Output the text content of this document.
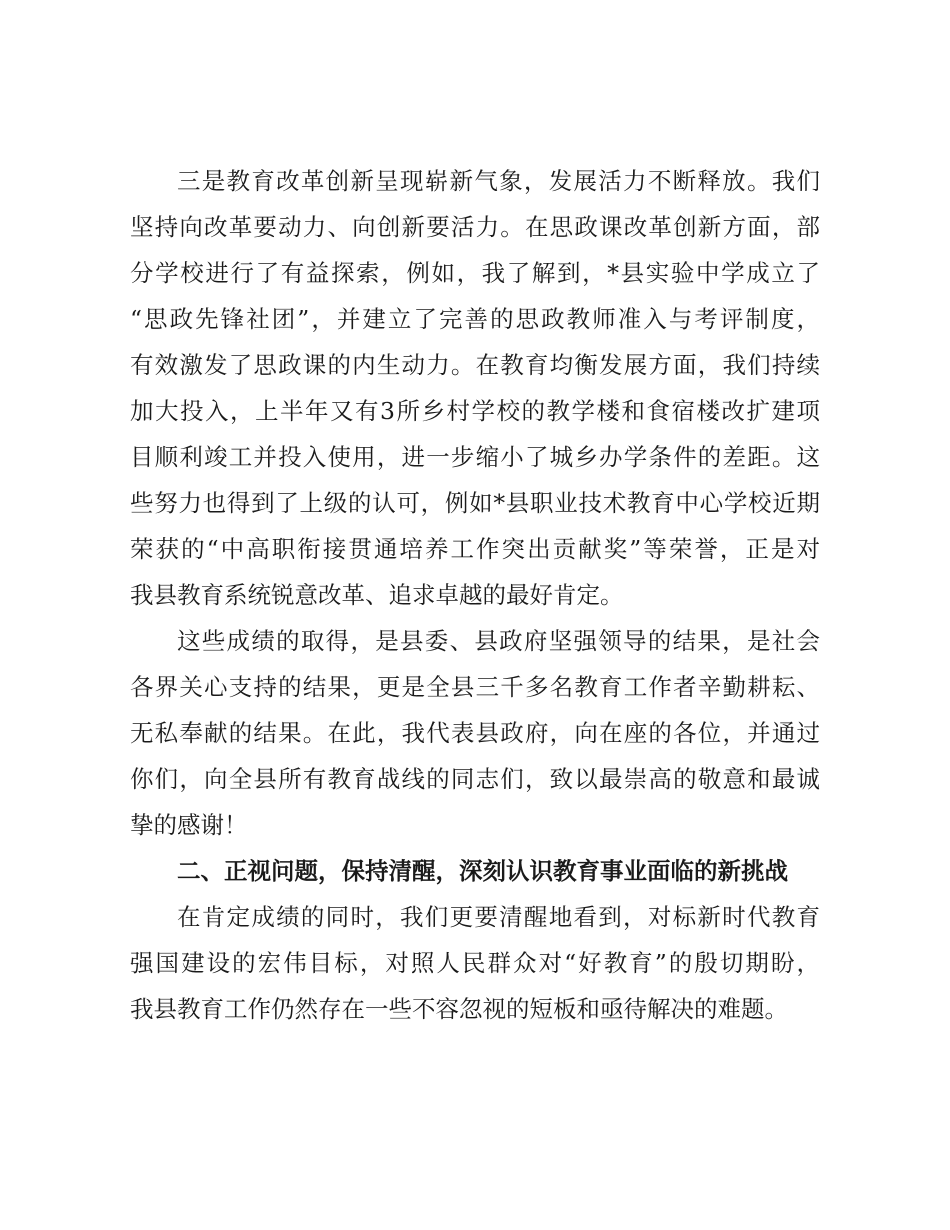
三是教育改革创新呈现崭新气象，发展活力不断释放。我们
坚持向改革要动力、向创新要活力。在思政课改革创新方面，部
分学校进行了有益探索，例如，我了解到，*县实验中学成立了
“思政先锋社团”，并建立了完善的思政教师准入与考评制度，
有效激发了思政课的内生动力。在教育均衡发展方面，我们持续
加大投入，上半年又有3所乡村学校的教学楼和食宿楼改扩建项
目顺利竣工并投入使用，进一步缩小了城乡办学条件的差距。这
些努力也得到了上级的认可，例如*县职业技术教育中心学校近期
荣获的“中高职衔接贯通培养工作突出贡献奖”等荣誉，正是对
我县教育系统锐意改革、追求卓越的最好肯定。
这些成绩的取得，是县委、县政府坚强领导的结果，是社会
各界关心支持的结果，更是全县三千多名教育工作者辛勤耕耘、
无私奉献的结果。在此，我代表县政府，向在座的各位，并通过
你们，向全县所有教育战线的同志们，致以最崇高的敬意和最诚
挚的感谢！
二、正视问题，保持清醒，深刻认识教育事业面临的新挑战
在肯定成绩的同时，我们更要清醒地看到，对标新时代教育
强国建设的宏伟目标，对照人民群众对“好教育”的殷切期盼，
我县教育工作仍然存在一些不容忽视的短板和亟待解决的难题。
